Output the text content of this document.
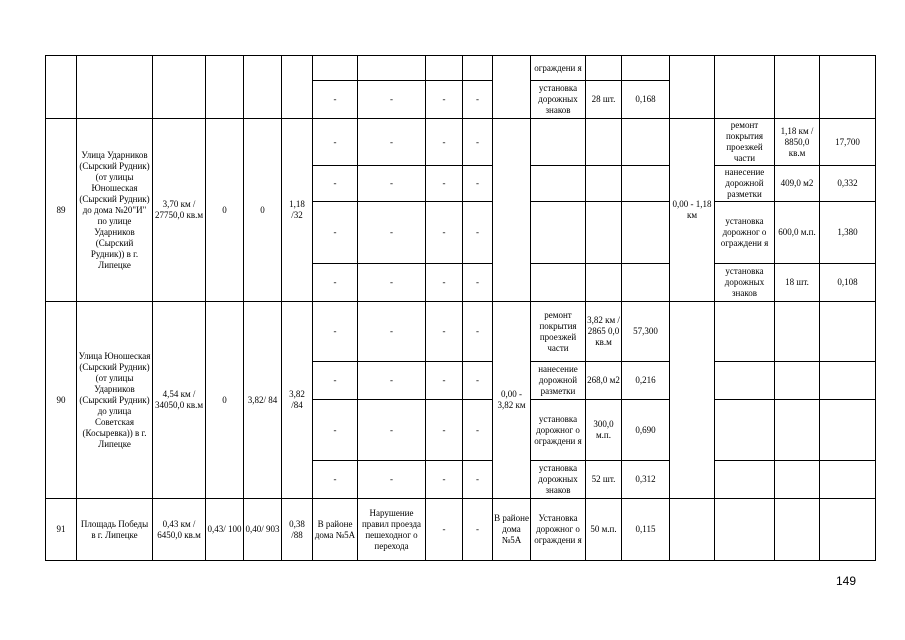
											ограждени я						
						-	-	-	-		установка дорожных знаков	28 шт.	0,168				
89	Улица Ударников (Сырский Рудник) (от улицы Юношеская (Сырский Рудник) до дома №20"И" по улице Ударников (Сырский Рудник)) в г. Липецке	3,70 км / 27750,0 кв.м	0	0	1,18 /32	-	-	-	-					0,00 - 1,18 км	ремонт покрытия проезжей части	1,18 км / 8850,0 кв.м	17,700
						-	-	-	-						нанесение дорожной разметки	409,0 м2	0,332
						-	-	-	-						установка дорожног о ограждени я	600,0 м.п.	1,380
						-	-	-	-						установка дорожных знаков	18 шт.	0,108
90	Улица Юношеская (Сырский Рудник) (от улицы Ударников (Сырский Рудник) до улица Советская (Косыревка)) в г. Липецке	4,54 км / 34050,0 кв.м	0	3,82/ 84	3,82 /84	-	-	-	-	0,00 - 3,82 км	ремонт покрытия проезжей части	3,82 км / 2865 0,0 кв.м	57,300				
						-	-	-	-		нанесение дорожной разметки	268,0 м2	0,216				
						-	-	-	-		установка дорожног о ограждени я	300,0 м.п.	0,690				
						-	-	-	-		установка дорожных знаков	52 шт.	0,312				
91	Площадь Победы в г. Липецке	0,43 км / 6450,0 кв.м	0,43/ 100	0,40/ 903	0,38 /88	В районе дома №5А	Нарушение правил проезда пешеходног о перехода	-	-	В районе дома №5А	Установка дорожног о ограждени я	50 м.п.	0,115				
149
